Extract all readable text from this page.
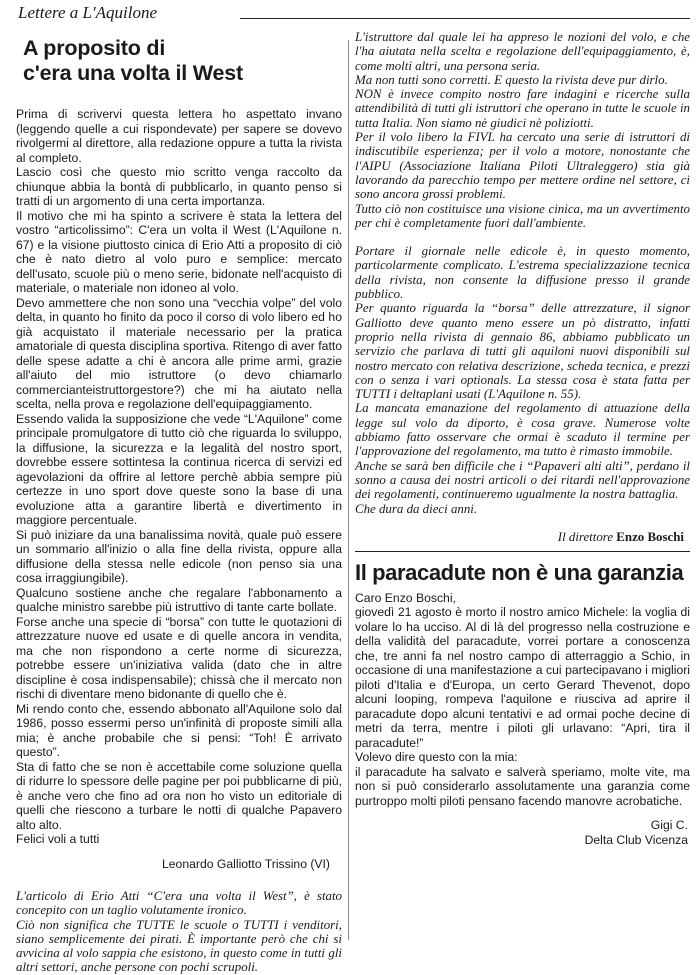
Lettere a L'Aquilone
A proposito di
c'era una volta il West

Prima di scrivervi questa lettera ho aspettato invano (leggendo quelle a cui rispondevate) per sapere se dovevo rivolgermi al direttore, alla redazione oppure a tutta la rivista al completo.

Lascio così che questo mio scritto venga raccolto da chiunque abbia la bontà di pubblicarlo, in quanto penso si tratti di un argomento di una certa importanza.

Il motivo che mi ha spinto a scrivere è stata la lettera del vostro “articolissimo”: C'era un volta il West (L'Aquilone n. 67) e la visione piuttosto cinica di Erio Atti a proposito di ciò che è nato dietro al volo puro e semplice: mercato dell'usato, scuole più o meno serie, bidonate nell'acquisto di materiale, o materiale non idoneo al volo.

Devo ammettere che non sono una “vecchia volpe” del volo delta, in quanto ho finito da poco il corso di volo libero ed ho già acquistato il materiale necessario per la pratica amatoriale di questa disciplina sportiva. Ritengo di aver fatto delle spese adatte a chi è ancora alle prime armi, grazie all'aiuto del mio istruttore (o devo chiamarlo commercianteistruttorgestore?) che mi ha aiutato nella scelta, nella prova e regolazione dell'equipaggiamento.

Essendo valida la supposizione che vede “L'Aquilone” come principale promulgatore di tutto ciò che riguarda lo sviluppo, la diffusione, la sicurezza e la legalità del nostro sport, dovrebbe essere sottintesa la continua ricerca di servizi ed agevolazioni da offrire al lettore perchè abbia sempre più certezze in uno sport dove queste sono la base di una evoluzione atta a garantire libertà e divertimento in maggiore percentuale.

Si può iniziare da una banalissima novità, quale può essere un sommario all'inizio o alla fine della rivista, oppure alla diffusione della stessa nelle edicole (non penso sia una cosa irraggiungibile).

Qualcuno sostiene anche che regalare l'abbonamento a qualche ministro sarebbe più istruttivo di tante carte bollate.

Forse anche una specie di “borsa” con tutte le quotazioni di attrezzature nuove ed usate e di quelle ancora in vendita, ma che non rispondono a certe norme di sicurezza, potrebbe essere un'iniziativa valida (dato che in altre discipline è cosa indispensabile); chissà che il mercato non rischi di diventare meno bidonante di quello che è.

Mi rendo conto che, essendo abbonato all'Aquilone solo dal 1986, posso essermi perso un'infinità di proposte simili alla mia; è anche probabile che si pensi: “Toh! È arrivato questo”.

Sta di fatto che se non è accettabile come soluzione quella di ridurre lo spessore delle pagine per poi pubblicarne di più, è anche vero che fino ad ora non ho visto un editoriale di quelli che riescono a turbare le notti di qualche Papavero alto alto.

Felici voli a tutti

Leonardo Galliotto Trissino (VI)

L'articolo di Erio Atti “C'era una volta il West”, è stato concepito con un taglio volutamente ironico.

Ciò non significa che TUTTE le scuole o TUTTI i venditori, siano semplicemente dei pirati. È importante però che chi si avvicina al volo sappia che esistono, in questo come in tutti gli altri settori, anche persone con pochi scrupoli.

L'istruttore dal quale lei ha appreso le nozioni del volo, e che l'ha aiutata nella scelta e regolazione dell'equipaggiamento, è, come molti altri, una persona seria.

Ma non tutti sono corretti. E questo la rivista deve pur dirlo.

NON è invece compito nostro fare indagini e ricerche sulla attendibilità di tutti gli istruttori che operano in tutte le scuole in tutta Italia. Non siamo nè giudici nè poliziotti.

Per il volo libero la FIVL ha cercato una serie di istruttori di indiscutibile esperienza; per il volo a motore, nonostante che l'AIPU (Associazione Italiana Piloti Ultraleggero) stia già lavorando da parecchio tempo per mettere ordine nel settore, ci sono ancora grossi problemi.

Tutto ciò non costituisce una visione cinica, ma un avvertimento per chi è completamente fuori dall'ambiente.

Portare il giornale nelle edicole è, in questo momento, particolarmente complicato. L'estrema specializzazione tecnica della rivista, non consente la diffusione presso il grande pubblico.

Per quanto riguarda la “borsa” delle attrezzature, il signor Galliotto deve quanto meno essere un pò distratto, infatti proprio nella rivista di gennaio 86, abbiamo pubblicato un servizio che parlava di tutti gli aquiloni nuovi disponibili sul nostro mercato con relativa descrizione, scheda tecnica, e prezzi con o senza i vari optionals. La stessa cosa è stata fatta per TUTTI i deltaplani usati (L'Aquilone n. 55).

La mancata emanazione del regolamento di attuazione della legge sul volo da diporto, è cosa grave. Numerose volte abbiamo fatto osservare che ormai è scaduto il termine per l'approvazione del regolamento, ma tutto è rimasto immobile.

Anche se sarà ben difficile che i “Papaveri alti alti”, perdano il sonno a causa dei nostri articoli o dei ritardi nell'approvazione dei regolamenti, continueremo ugualmente la nostra battaglia.

Che dura da dieci anni.

Il direttore Enzo Boschi
Il paracadute non è una garanzia
Caro Enzo Boschi,

giovedì 21 agosto è morto il nostro amico Michele: la voglia di volare lo ha ucciso. Al di là del progresso nella costruzione e della validità del paracadute, vorrei portare a conoscenza che, tre anni fa nel nostro campo di atterraggio a Schio, in occasione di una manifestazione a cui partecipavano i migliori piloti d'Italia e d'Europa, un certo Gerard Thevenot, dopo alcuni looping, rompeva l'aquilone e riusciva ad aprire il paracadute dopo alcuni tentativi e ad ormai poche decine di metri da terra, mentre i piloti gli urlavano: “Apri, tira il paracadute!”

Volevo dire questo con la mia:

il paracadute ha salvato e salverà speriamo, molte vite, ma non si può considerarlo assolutamente una garanzia come purtroppo molti piloti pensano facendo manovre acrobatiche.

Gigi C.
Delta Club Vicenza
